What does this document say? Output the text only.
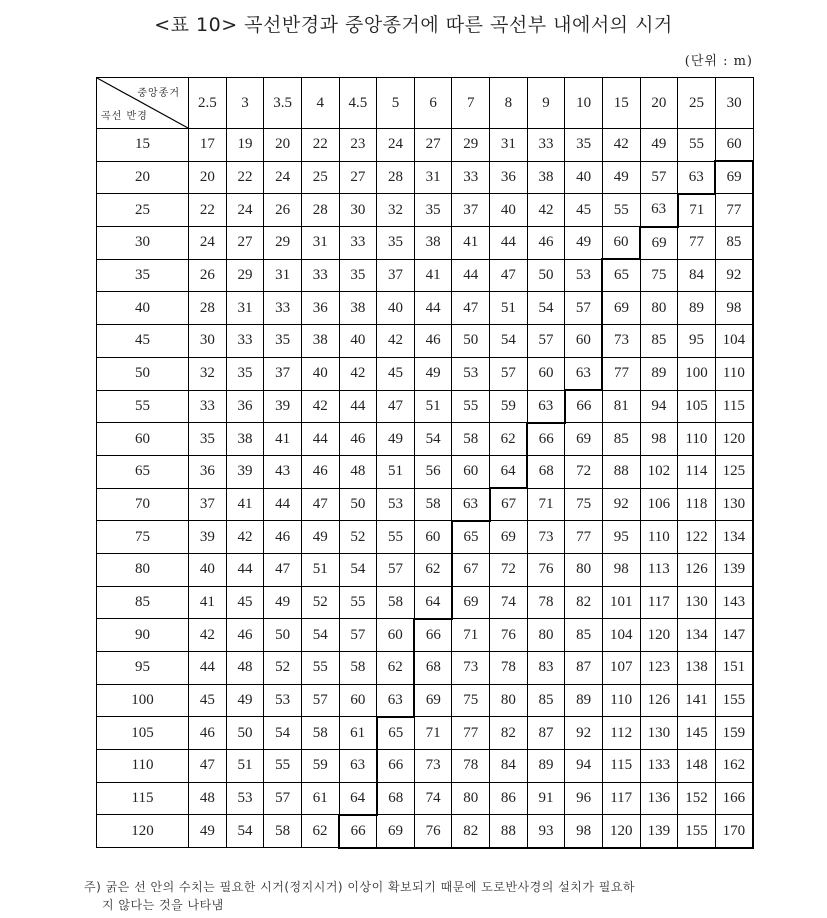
<표 10> 곡선반경과 중앙종거에 따른 곡선부 내에서의 시거
(단위 : m)
중앙종거
곡선 반경	2.5	3	3.5	4	4.5	5	6	7	8	9	10	15	20	25	30
15	17	19	20	22	23	24	27	29	31	33	35	42	49	55	60
20	20	22	24	25	27	28	31	33	36	38	40	49	57	63	69
25	22	24	26	28	30	32	35	37	40	42	45	55	63	71	77
30	24	27	29	31	33	35	38	41	44	46	49	60	69	77	85
35	26	29	31	33	35	37	41	44	47	50	53	65	75	84	92
40	28	31	33	36	38	40	44	47	51	54	57	69	80	89	98
45	30	33	35	38	40	42	46	50	54	57	60	73	85	95	104
50	32	35	37	40	42	45	49	53	57	60	63	77	89	100	110
55	33	36	39	42	44	47	51	55	59	63	66	81	94	105	115
60	35	38	41	44	46	49	54	58	62	66	69	85	98	110	120
65	36	39	43	46	48	51	56	60	64	68	72	88	102	114	125
70	37	41	44	47	50	53	58	63	67	71	75	92	106	118	130
75	39	42	46	49	52	55	60	65	69	73	77	95	110	122	134
80	40	44	47	51	54	57	62	67	72	76	80	98	113	126	139
85	41	45	49	52	55	58	64	69	74	78	82	101	117	130	143
90	42	46	50	54	57	60	66	71	76	80	85	104	120	134	147
95	44	48	52	55	58	62	68	73	78	83	87	107	123	138	151
100	45	49	53	57	60	63	69	75	80	85	89	110	126	141	155
105	46	50	54	58	61	65	71	77	82	87	92	112	130	145	159
110	47	51	55	59	63	66	73	78	84	89	94	115	133	148	162
115	48	53	57	61	64	68	74	80	86	91	96	117	136	152	166
120	49	54	58	62	66	69	76	82	88	93	98	120	139	155	170
주) 굵은 선 안의 수치는 필요한 시거(정지시거) 이상이 확보되기 때문에 도로반사경의 설치가 필요하
지 않다는 것을 나타냄
